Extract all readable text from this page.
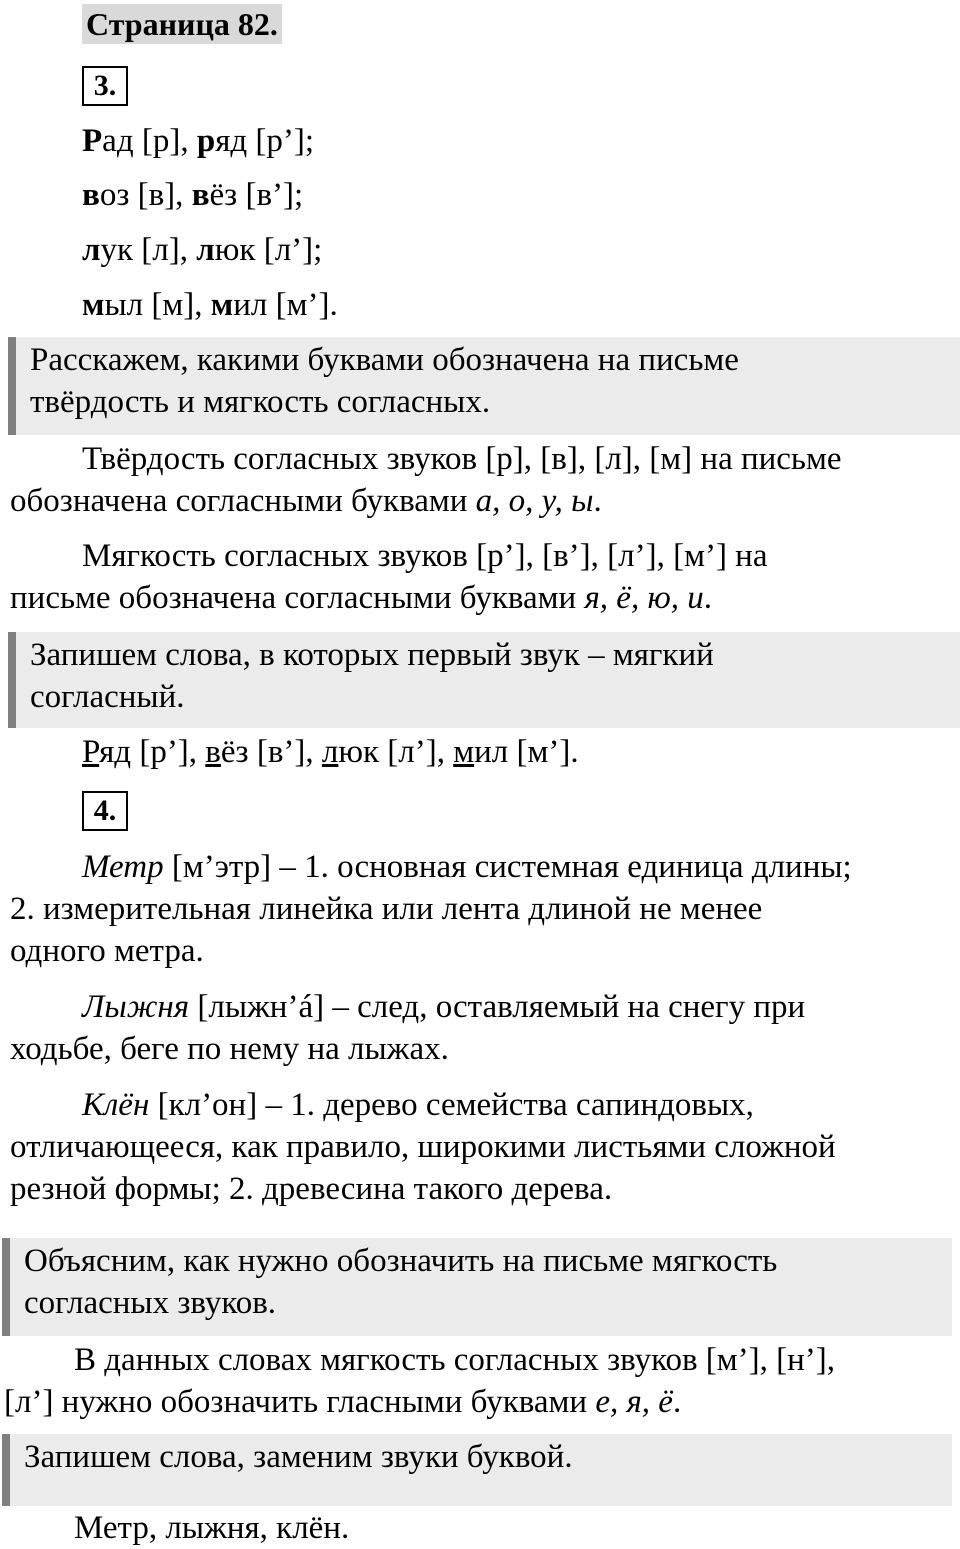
Страница 82.
3.
Рад [р], ряд [р’];
воз [в], вёз [в’];
лук [л], люк [л’];
мыл [м], мил [м’].
Расскажем, какими буквами обозначена на письме
твёрдость и мягкость согласных.
Твёрдость согласных звуков [р], [в], [л], [м] на письме
обозначена согласными буквами а, о, у, ы.
Мягкость согласных звуков [р’], [в’], [л’], [м’] на
письме обозначена согласными буквами я, ё, ю, и.
Запишем слова, в которых первый звук – мягкий
согласный.
Ряд [р’], вёз [в’], люк [л’], мил [м’].
4.
Метр [м’этр] – 1. основная системная единица длины;
2. измерительная линейка или лента длиной не менее
одного метра.
Лыжня [лыжн’á] – след, оставляемый на снегу при
ходьбе, беге по нему на лыжах.
Клён [кл’он] – 1. дерево семейства сапиндовых,
отличающееся, как правило, широкими листьями сложной
резной формы; 2. древесина такого дерева.
Объясним, как нужно обозначить на письме мягкость
согласных звуков.
В данных словах мягкость согласных звуков [м’], [н’],
[л’] нужно обозначить гласными буквами е, я, ё.
Запишем слова, заменим звуки буквой.
Метр, лыжня, клён.
